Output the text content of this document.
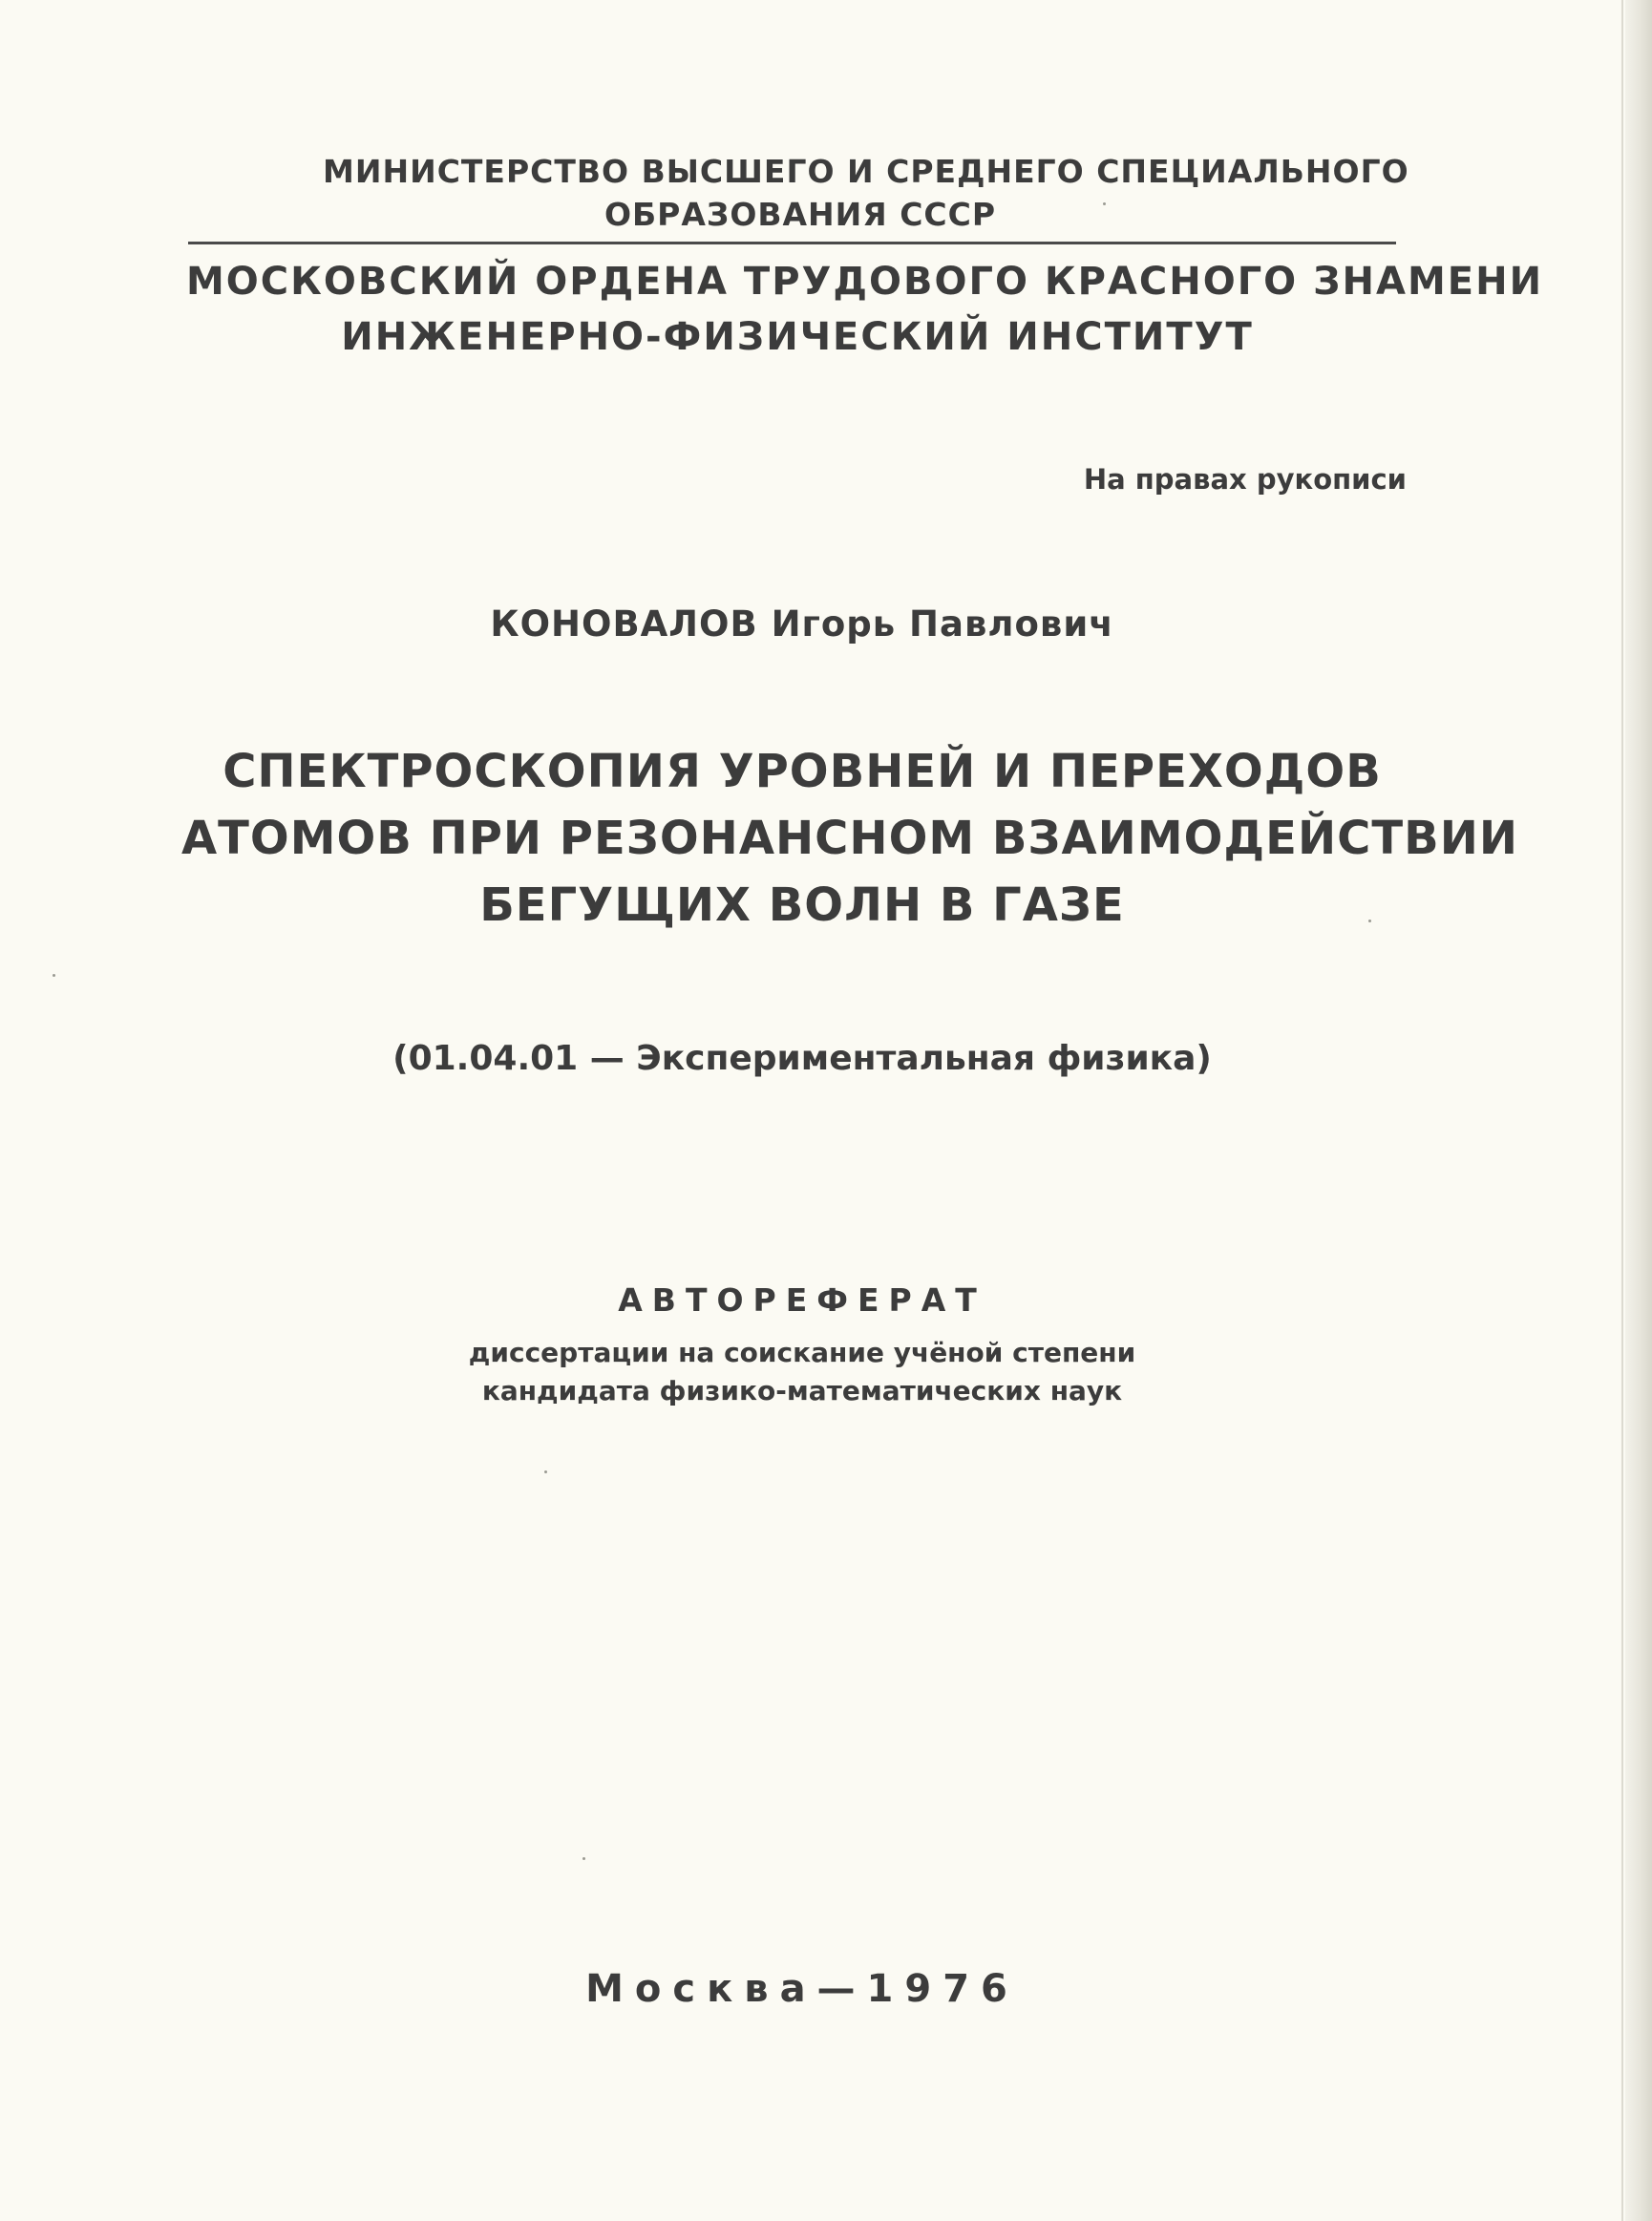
МИНИСТЕРСТВО ВЫСШЕГО И СРЕДНЕГО СПЕЦИАЛЬНОГО
ОБРАЗОВАНИЯ СССР
МОСКОВСКИЙ ОРДЕНА ТРУДОВОГО КРАСНОГО ЗНАМЕНИ
ИНЖЕНЕРНО-ФИЗИЧЕСКИЙ ИНСТИТУТ
На правах рукописи
КОНОВАЛОВ Игорь Павлович
СПЕКТРОСКОПИЯ УРОВНЕЙ И ПЕРЕХОДОВ
АТОМОВ ПРИ РЕЗОНАНСНОМ ВЗАИМОДЕЙСТВИИ
БЕГУЩИХ ВОЛН В ГАЗЕ
(01.04.01 — Экспериментальная физика)
АВТОРЕФЕРАТ
диссертации на соискание учёной степени
кандидата физико-математических наук
Москва—1976
